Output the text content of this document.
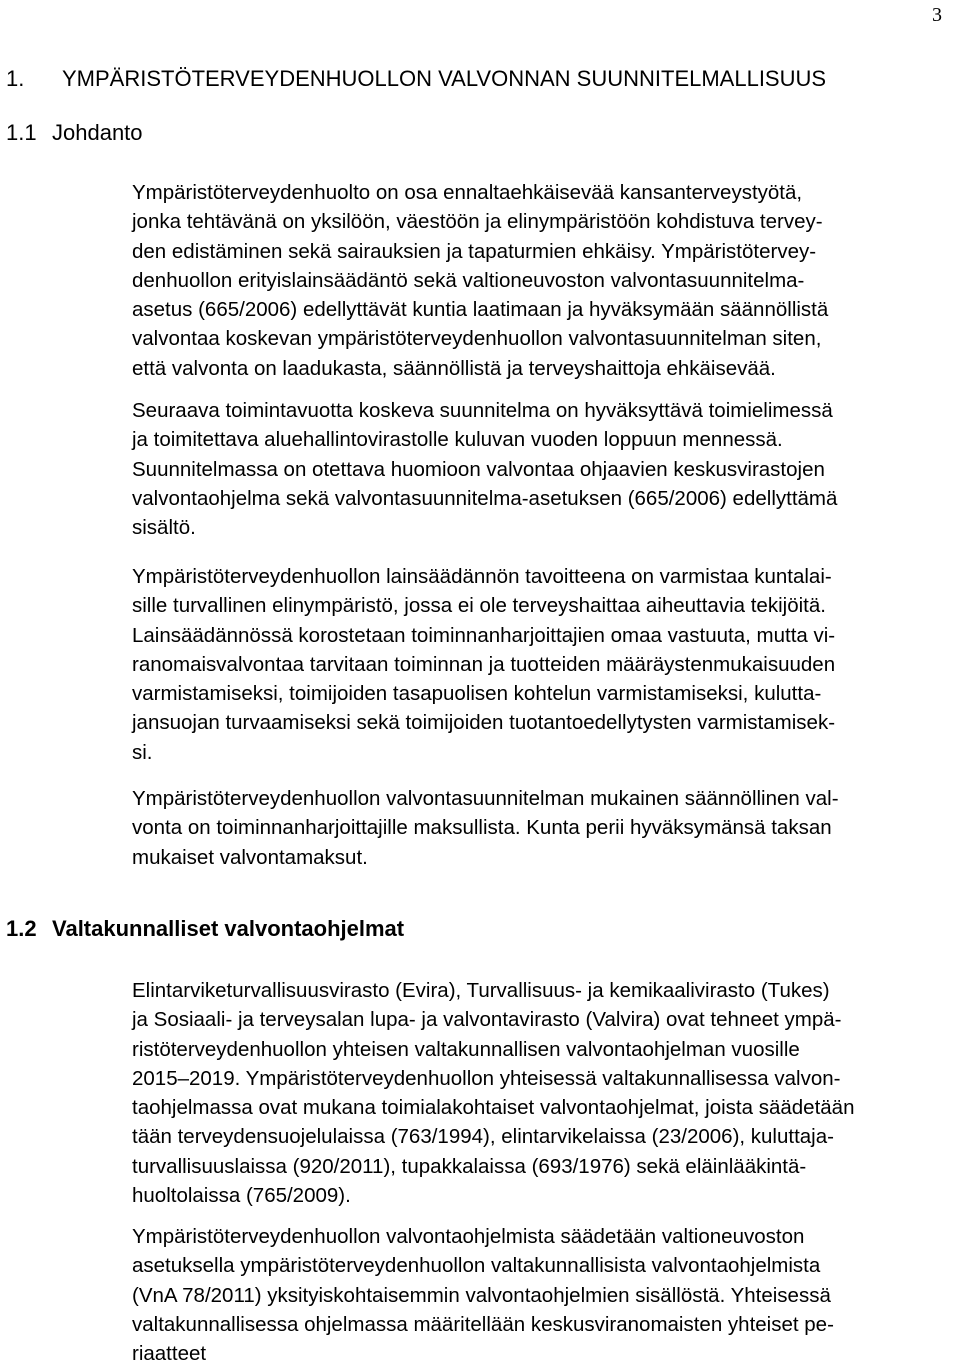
3
1. YMPÄRISTÖTERVEYDENHUOLLON VALVONNAN SUUNNITELMALLISUUS
1.1 Johdanto
Ympäristöterveydenhuolto on osa ennaltaehkäisevää kansanterveystyötä,
jonka tehtävänä on yksilöön, väestöön ja elinympäristöön kohdistuva tervey-
den edistäminen sekä sairauksien ja tapaturmien ehkäisy. Ympäristötervey-
denhuollon erityislainsäädäntö sekä valtioneuvoston valvontasuunnitelma-
asetus (665/2006) edellyttävät kuntia laatimaan ja hyväksymään säännöllistä
valvontaa koskevan ympäristöterveydenhuollon valvontasuunnitelman siten,
että valvonta on laadukasta, säännöllistä ja terveyshaittoja ehkäisevää.
Seuraava toimintavuotta koskeva suunnitelma on hyväksyttävä toimielimessä
ja toimitettava aluehallintovirastolle kuluvan vuoden loppuun mennessä.
Suunnitelmassa on otettava huomioon valvontaa ohjaavien keskusvirastojen
valvontaohjelma sekä valvontasuunnitelma-asetuksen (665/2006) edellyttämä
sisältö.
Ympäristöterveydenhuollon lainsäädännön tavoitteena on varmistaa kuntalai-
sille turvallinen elinympäristö, jossa ei ole terveyshaittaa aiheuttavia tekijöitä.
Lainsäädännössä korostetaan toiminnanharjoittajien omaa vastuuta, mutta vi-
ranomaisvalvontaa tarvitaan toiminnan ja tuotteiden määräystenmukaisuuden
varmistamiseksi, toimijoiden tasapuolisen kohtelun varmistamiseksi, kulutta-
jansuojan turvaamiseksi sekä toimijoiden tuotantoedellytysten varmistamisek-
si.
Ympäristöterveydenhuollon valvontasuunnitelman mukainen säännöllinen val-
vonta on toiminnanharjoittajille maksullista. Kunta perii hyväksymänsä taksan
mukaiset valvontamaksut.
1.2 Valtakunnalliset valvontaohjelmat
Elintarviketurvallisuusvirasto (Evira), Turvallisuus- ja kemikaalivirasto (Tukes)
ja Sosiaali- ja terveysalan lupa- ja valvontavirasto (Valvira) ovat tehneet ympä-
ristöterveydenhuollon yhteisen valtakunnallisen valvontaohjelman vuosille
2015–2019. Ympäristöterveydenhuollon yhteisessä valtakunnallisessa valvon-
taohjelmassa ovat mukana toimialakohtaiset valvontaohjelmat, joista säädetään
tään terveydensuojelulaissa (763/1994), elintarvikelaissa (23/2006), kuluttaja-
turvallisuuslaissa (920/2011), tupakkalaissa (693/1976) sekä eläinlääkintä-
huoltolaissa (765/2009).
Ympäristöterveydenhuollon valvontaohjelmista säädetään valtioneuvoston
asetuksella ympäristöterveydenhuollon valtakunnallisista valvontaohjelmista
(VnA 78/2011) yksityiskohtaisemmin valvontaohjelmien sisällöstä. Yhteisessä
valtakunnallisessa ohjelmassa määritellään keskusviranomaisten yhteiset pe-
riaatteet
